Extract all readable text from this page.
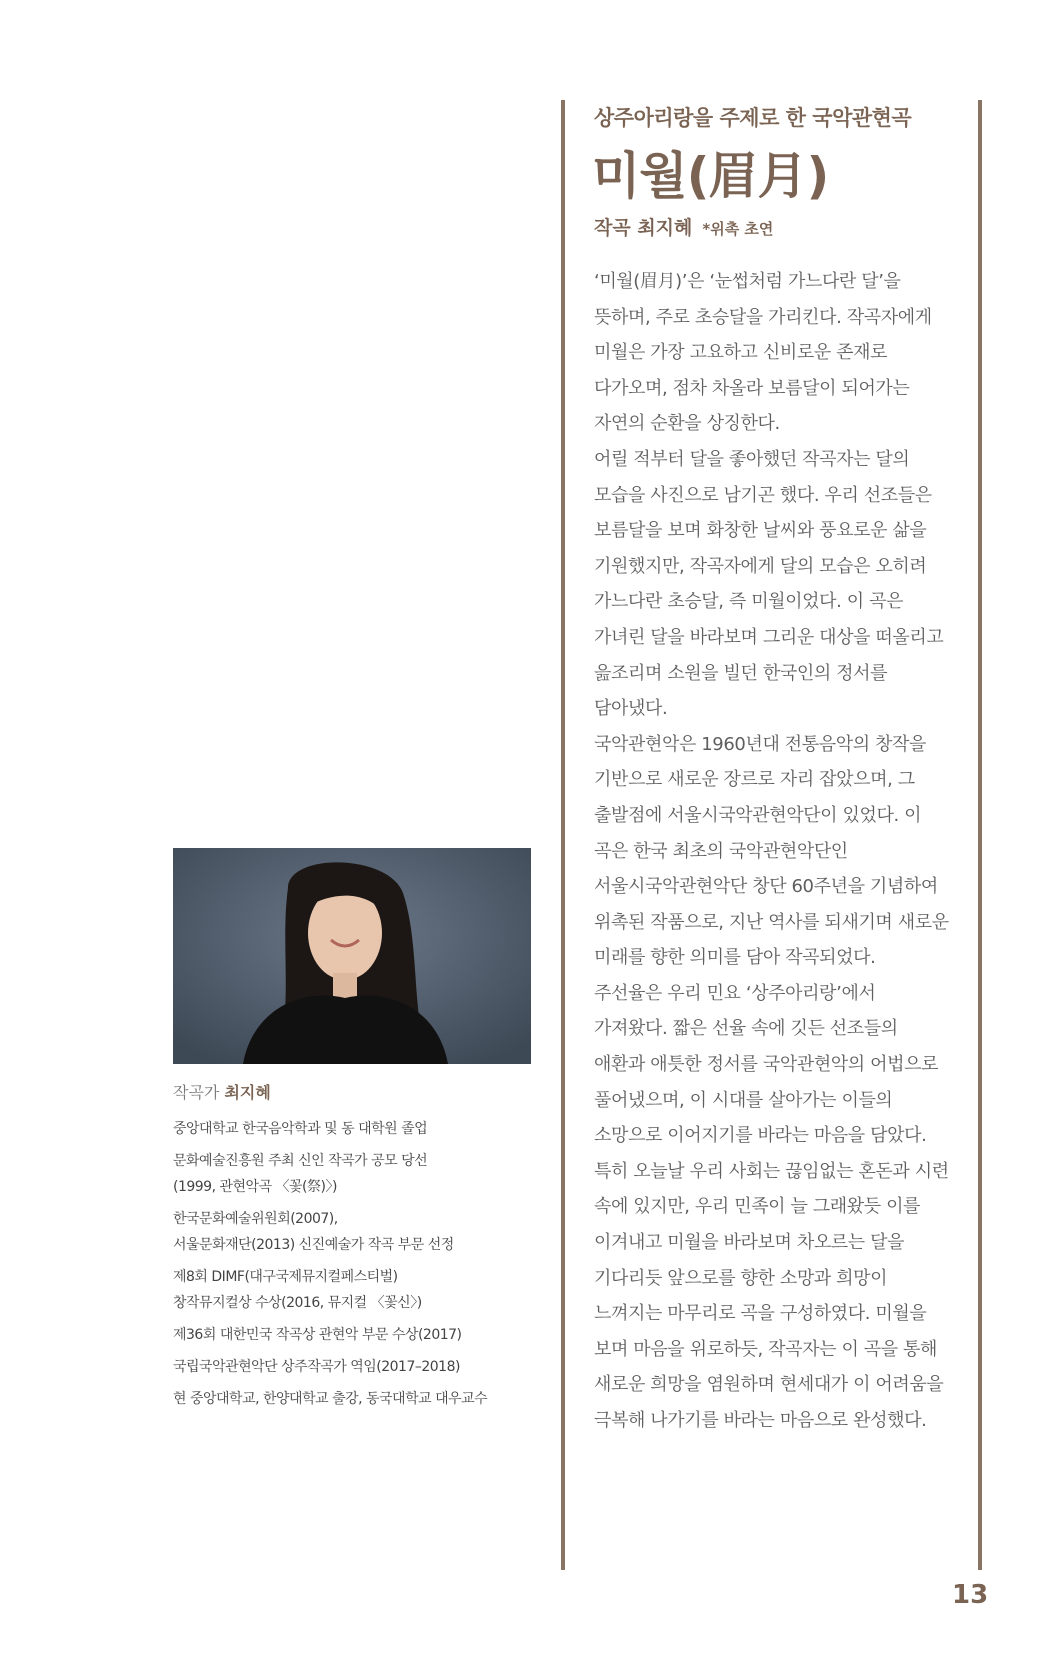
상주아리랑을 주제로 한 국악관현곡
미월(眉月)
작곡 최지혜 *위촉 초연

‘미월(眉月)’은 ‘눈썹처럼 가느다란 달’을 뜻하며, 주로 초승달을 가리킨다. 작곡자에게 미월은 가장 고요하고 신비로운 존재로 다가오며, 점차 차올라 보름달이 되어가는 자연의 순환을 상징한다.

어릴 적부터 달을 좋아했던 작곡자는 달의 모습을 사진으로 남기곤 했다. 우리 선조들은 보름달을 보며 화창한 날씨와 풍요로운 삶을 기원했지만, 작곡자에게 달의 모습은 오히려 가느다란 초승달, 즉 미월이었다. 이 곡은 가녀린 달을 바라보며 그리운 대상을 떠올리고 읊조리며 소원을 빌던 한국인의 정서를 담아냈다.

국악관현악은 1960년대 전통음악의 창작을 기반으로 새로운 장르로 자리 잡았으며, 그 출발점에 서울시국악관현악단이 있었다. 이 곡은 한국 최초의 국악관현악단인 서울시국악관현악단 창단 60주년을 기념하여 위촉된 작품으로, 지난 역사를 되새기며 새로운 미래를 향한 의미를 담아 작곡되었다.

주선율은 우리 민요 ‘상주아리랑’에서 가져왔다. 짧은 선율 속에 깃든 선조들의 애환과 애틋한 정서를 국악관현악의 어법으로 풀어냈으며, 이 시대를 살아가는 이들의 소망으로 이어지기를 바라는 마음을 담았다.

특히 오늘날 우리 사회는 끊임없는 혼돈과 시련 속에 있지만, 우리 민족이 늘 그래왔듯 이를 이겨내고 미월을 바라보며 차오르는 달을 기다리듯 앞으로를 향한 소망과 희망이 느껴지는 마무리로 곡을 구성하였다. 미월을 보며 마음을 위로하듯, 작곡자는 이 곡을 통해 새로운 희망을 염원하며 현세대가 이 어려움을 극복해 나가기를 바라는 마음으로 완성했다.

작곡가 최지혜
중앙대학교 한국음악학과 및 동 대학원 졸업
문화예술진흥원 주최 신인 작곡가 공모 당선
(1999, 관현악곡 〈꽃(祭)〉)
한국문화예술위원회(2007),
서울문화재단(2013) 신진예술가 작곡 부문 선정
제8회 DIMF(대구국제뮤지컬페스티벌)
창작뮤지컬상 수상(2016, 뮤지컬 〈꽃신〉)
제36회 대한민국 작곡상 관현악 부문 수상(2017)
국립국악관현악단 상주작곡가 역임(2017–2018)
현 중앙대학교, 한양대학교 출강, 동국대학교 대우교수
13
